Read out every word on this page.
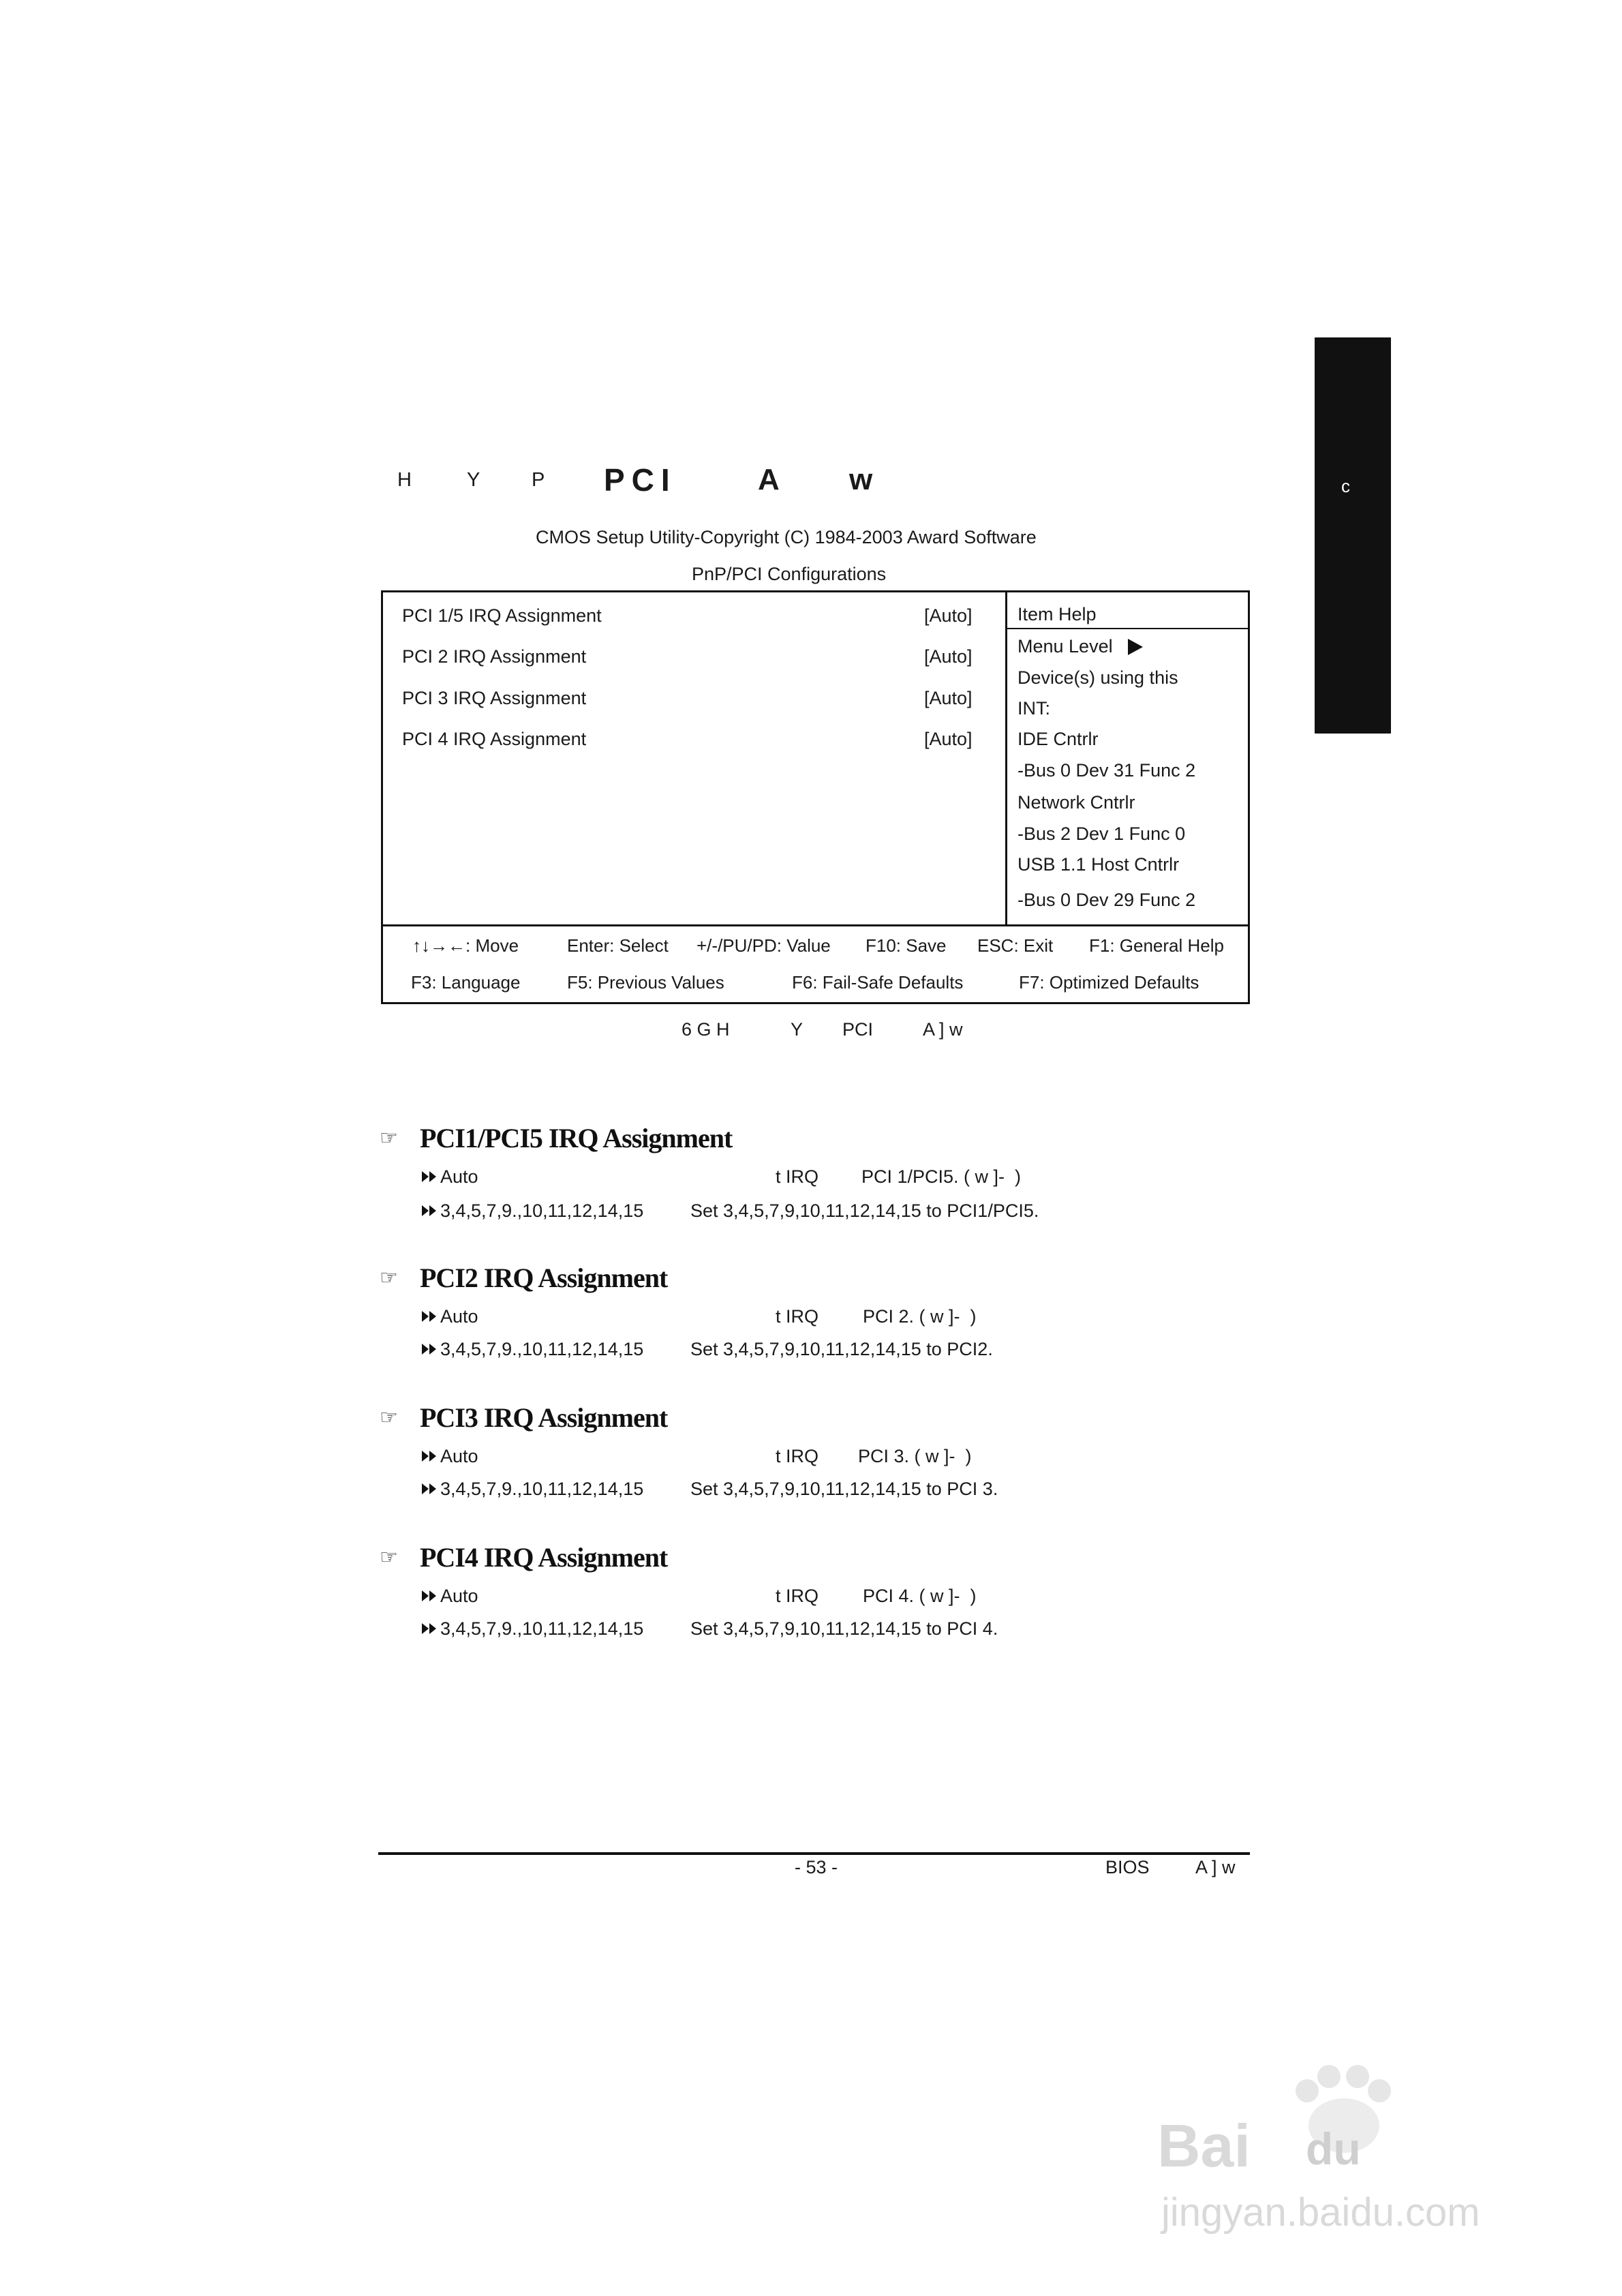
c
H	Y	P PCI	A w
CMOS Setup Utility-Copyright (C) 1984-2003 Award Software
PnP/PCI Configurations
PCI 1/5 IRQ Assignment	[Auto]
PCI 2 IRQ Assignment	[Auto]
PCI 3 IRQ Assignment	[Auto]
PCI 4 IRQ Assignment	[Auto]
Item Help
Menu Level
Device(s) using this
INT:
IDE Cntrlr
-Bus 0 Dev 31 Func 2
Network Cntrlr
-Bus 2 Dev 1 Func 0
USB 1.1 Host Cntrlr
-Bus 0 Dev 29 Func 2
↑↓→←: Move	Enter: Select +/-/PU/PD: Value F10: Save ESC: Exit F1: General Help
F3: Language	F5: Previous Values	F6: Fail-Safe Defaults	F7: Optimized Defaults
6 G H	Y PCI	A ] w
☞ PCI1/PCI5 IRQ Assignment
Auto	t IRQ PCI 1/PCI5. ( w ]-  )
3,4,5,7,9.,10,11,12,14,15	Set 3,4,5,7,9,10,11,12,14,15 to PCI1/PCI5.
☞ PCI2 IRQ Assignment
Auto	t IRQ PCI 2. ( w ]-  )
3,4,5,7,9.,10,11,12,14,15	Set 3,4,5,7,9,10,11,12,14,15 to PCI2.
☞ PCI3 IRQ Assignment
Auto	t IRQ PCI 3. ( w ]-  )
3,4,5,7,9.,10,11,12,14,15	Set 3,4,5,7,9,10,11,12,14,15 to PCI 3.
☞ PCI4 IRQ Assignment
Auto	t IRQ PCI 4. ( w ]-  )
3,4,5,7,9.,10,11,12,14,15	Set 3,4,5,7,9,10,11,12,14,15 to PCI 4.
- 53 -	BIOS A ] w
Bai du
jingyan.baidu.com
